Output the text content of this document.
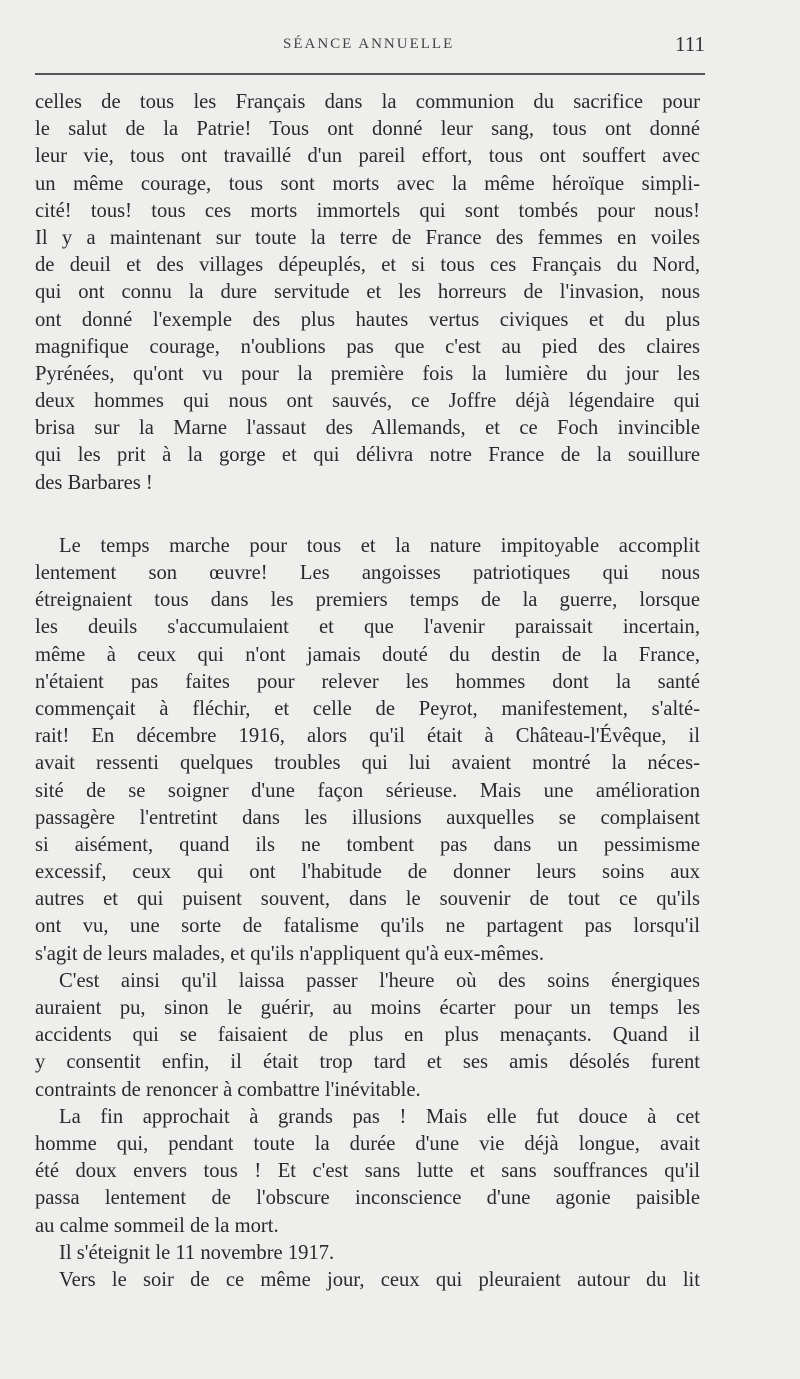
SÉANCE ANNUELLE	111
celles de tous les Français dans la communion du sacrifice pour
le salut de la Patrie! Tous ont donné leur sang, tous ont donné
leur vie, tous ont travaillé d'un pareil effort, tous ont souffert avec
un même courage, tous sont morts avec la même héroïque simpli-
cité! tous! tous ces morts immortels qui sont tombés pour nous!
Il y a maintenant sur toute la terre de France des femmes en voiles
de deuil et des villages dépeuplés, et si tous ces Français du Nord,
qui ont connu la dure servitude et les horreurs de l'invasion, nous
ont donné l'exemple des plus hautes vertus civiques et du plus
magnifique courage, n'oublions pas que c'est au pied des claires
Pyrénées, qu'ont vu pour la première fois la lumière du jour les
deux hommes qui nous ont sauvés, ce Joffre déjà légendaire qui
brisa sur la Marne l'assaut des Allemands, et ce Foch invincible
qui les prit à la gorge et qui délivra notre France de la souillure
des Barbares !
Le temps marche pour tous et la nature impitoyable accomplit
lentement son œuvre! Les angoisses patriotiques qui nous
étreignaient tous dans les premiers temps de la guerre, lorsque
les deuils s'accumulaient et que l'avenir paraissait incertain,
même à ceux qui n'ont jamais douté du destin de la France,
n'étaient pas faites pour relever les hommes dont la santé
commençait à fléchir, et celle de Peyrot, manifestement, s'alté-
rait! En décembre 1916, alors qu'il était à Château-l'Évêque, il
avait ressenti quelques troubles qui lui avaient montré la néces-
sité de se soigner d'une façon sérieuse. Mais une amélioration
passagère l'entretint dans les illusions auxquelles se complaisent
si aisément, quand ils ne tombent pas dans un pessimisme
excessif, ceux qui ont l'habitude de donner leurs soins aux
autres et qui puisent souvent, dans le souvenir de tout ce qu'ils
ont vu, une sorte de fatalisme qu'ils ne partagent pas lorsqu'il
s'agit de leurs malades, et qu'ils n'appliquent qu'à eux-mêmes.
C'est ainsi qu'il laissa passer l'heure où des soins énergiques
auraient pu, sinon le guérir, au moins écarter pour un temps les
accidents qui se faisaient de plus en plus menaçants. Quand il
y consentit enfin, il était trop tard et ses amis désolés furent
contraints de renoncer à combattre l'inévitable.
La fin approchait à grands pas ! Mais elle fut douce à cet
homme qui, pendant toute la durée d'une vie déjà longue, avait
été doux envers tous ! Et c'est sans lutte et sans souffrances qu'il
passa lentement de l'obscure inconscience d'une agonie paisible
au calme sommeil de la mort.
Il s'éteignit le 11 novembre 1917.
Vers le soir de ce même jour, ceux qui pleuraient autour du lit
